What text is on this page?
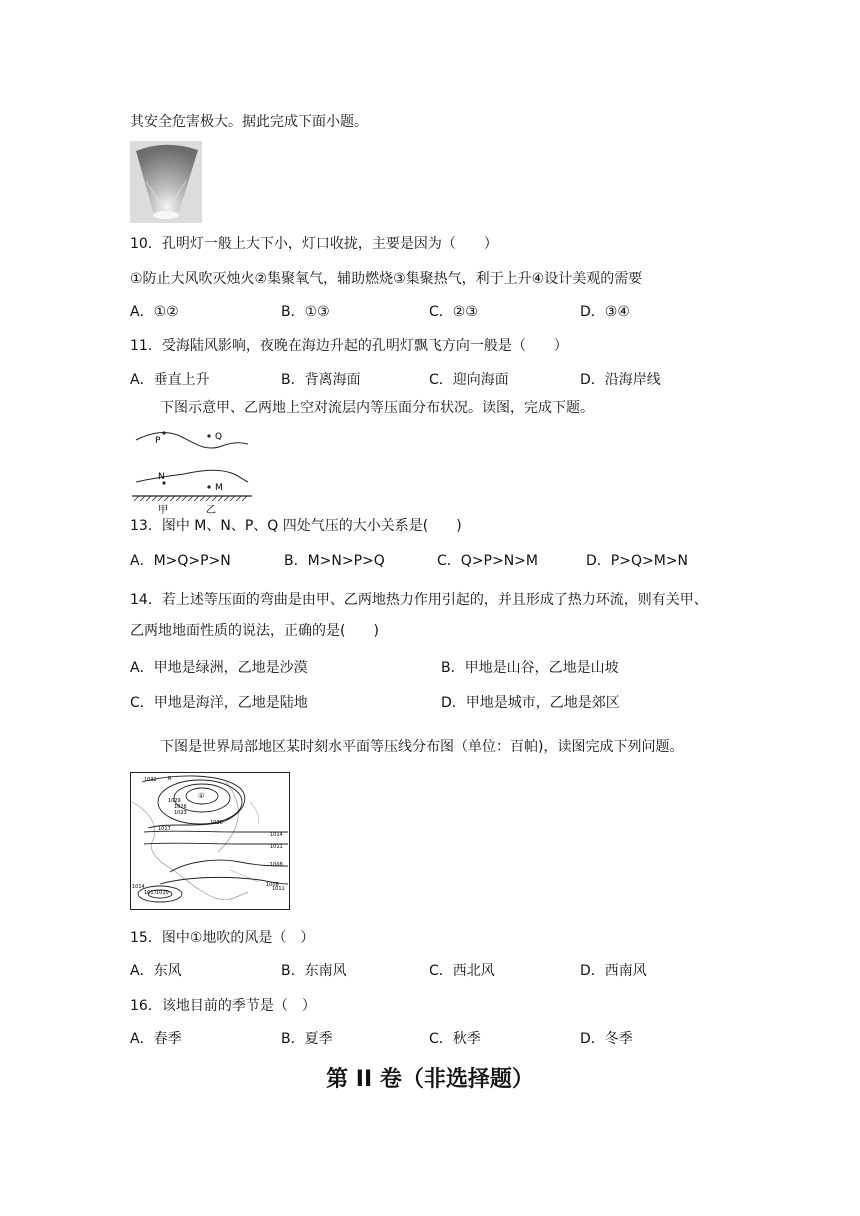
其安全危害极大。据此完成下面小题。
10．孔明灯一般上大下小，灯口收拢，主要是因为（　　）
①防止大风吹灭烛火②集聚氧气，辅助燃烧③集聚热气，利于上升④设计美观的需要
A．①②	B．①③	C．②③	D．③④
11．受海陆风影响，夜晚在海边升起的孔明灯飘飞方向一般是（　　）
A．垂直上升	B．背离海面	C．迎向海面	D．沿海岸线
下图示意甲、乙两地上空对流层内等压面分布状况。读图，完成下题。
P	Q
N
M
甲	乙
13．图中 M、N、P、Q 四处气压的大小关系是(　　)
A．M>Q>P>N	B．M>N>P>Q	C．Q>P>N>M	D．P>Q>M>N
14．若上述等压面的弯曲是由甲、乙两地热力作用引起的，并且形成了热力环流，则有关甲、
乙两地地面性质的说法，正确的是(　　)
A．甲地是绿洲，乙地是沙漠	B．甲地是山谷，乙地是山坡
C．甲地是海洋，乙地是陆地	D．甲地是城市，乙地是郊区
下图是世界局部地区某时刻水平面等压线分布图（单位：百帕)，读图完成下列问题。
1032
1029
1026
1023
1020
1017
1014
1011
1008
1008
1011
1014
1017 1020
R
①
15．图中①地吹的风是（　）
A．东风	B．东南风	C．西北风	D．西南风
16．该地目前的季节是（　）
A．春季	B．夏季	C．秋季	D．冬季
第 II 卷（非选择题）
